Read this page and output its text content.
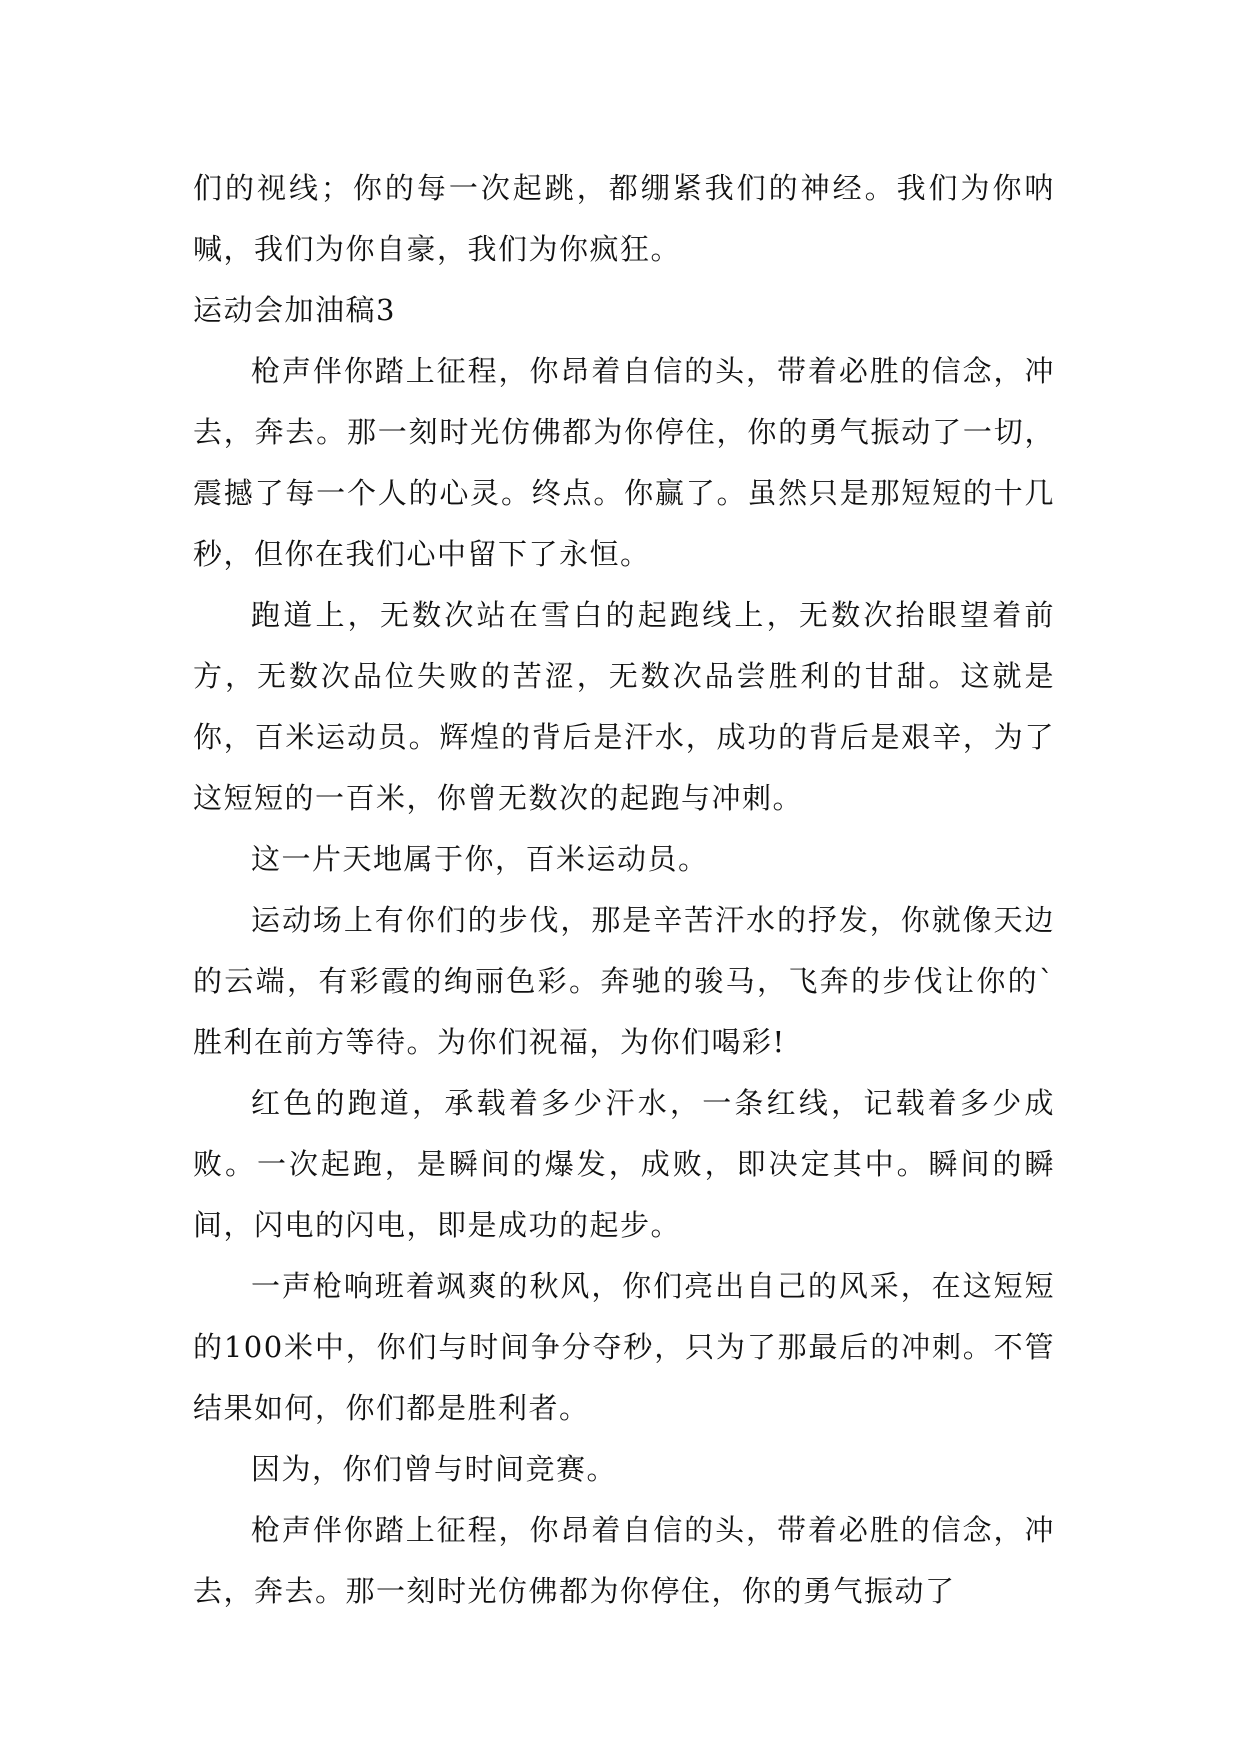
们的视线；你的每一次起跳，都绷紧我们的神经。我们为你呐喊，我们为你自豪，我们为你疯狂。

运动会加油稿3

枪声伴你踏上征程，你昂着自信的头，带着必胜的信念，冲去，奔去。那一刻时光仿佛都为你停住，你的勇气振动了一切，震撼了每一个人的心灵。终点。你赢了。虽然只是那短短的十几秒，但你在我们心中留下了永恒。

跑道上，无数次站在雪白的起跑线上，无数次抬眼望着前方，无数次品位失败的苦涩，无数次品尝胜利的甘甜。这就是你，百米运动员。辉煌的背后是汗水，成功的背后是艰辛，为了这短短的一百米，你曾无数次的起跑与冲刺。

这一片天地属于你，百米运动员。

运动场上有你们的步伐，那是辛苦汗水的抒发，你就像天边的云端，有彩霞的绚丽色彩。奔驰的骏马，飞奔的步伐让你的`胜利在前方等待。为你们祝福，为你们喝彩!

红色的跑道，承载着多少汗水，一条红线，记载着多少成败。一次起跑，是瞬间的爆发，成败，即决定其中。瞬间的瞬间，闪电的闪电，即是成功的起步。

一声枪响班着飒爽的秋风，你们亮出自己的风采，在这短短的100米中，你们与时间争分夺秒，只为了那最后的冲刺。不管结果如何，你们都是胜利者。

因为，你们曾与时间竞赛。

枪声伴你踏上征程，你昂着自信的头，带着必胜的信念，冲去，奔去。那一刻时光仿佛都为你停住，你的勇气振动了
